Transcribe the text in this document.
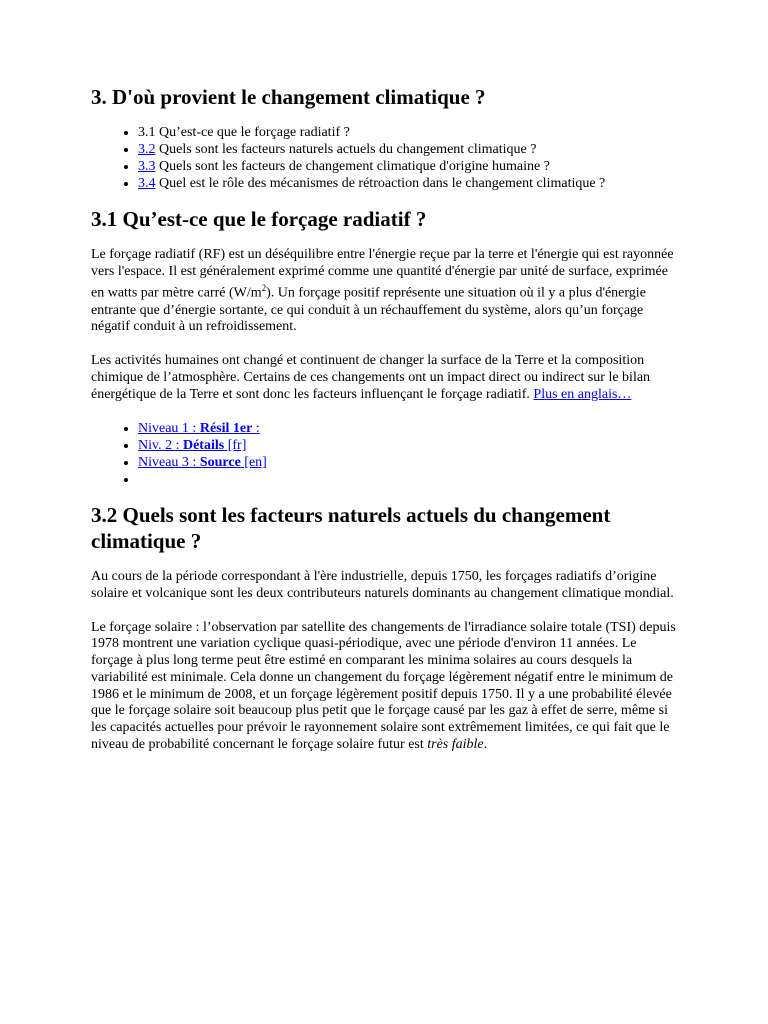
3. D'où provient le changement climatique ?
• 3.1 Qu’est-ce que le forçage radiatif ?
• 3.2 Quels sont les facteurs naturels actuels du changement climatique ?
• 3.3 Quels sont les facteurs de changement climatique d'origine humaine ?
• 3.4 Quel est le rôle des mécanismes de rétroaction dans le changement climatique ?
3.1 Qu’est-ce que le forçage radiatif ?

Le forçage radiatif (RF) est un déséquilibre entre l'énergie reçue par la terre et l'énergie qui est rayonnée vers l'espace. Il est généralement exprimé comme une quantité d'énergie par unité de surface, exprimée en watts par mètre carré $(W/m^2)$. Un forçage positif représente une situation où il y a plus d'énergie entrante que d’énergie sortante, ce qui conduit à un réchauffement du système, alors qu’un forçage négatif conduit à un refroidissement.

Les activités humaines ont changé et continuent de changer la surface de la Terre et la composition chimique de l’atmosphère. Certains de ces changements ont un impact direct ou indirect sur le bilan énergétique de la Terre et sont donc les facteurs influençant le forçage radiatif. Plus en anglais…

• Niveau 1 : Résil 1er :
• Niv. 2 : Détails [fr]
• Niveau 3 : Source [en]
•
3.2 Quels sont les facteurs naturels actuels du changement climatique ?

Au cours de la période correspondant à l'ère industrielle, depuis 1750, les forçages radiatifs d’origine solaire et volcanique sont les deux contributeurs naturels dominants au changement climatique mondial.

Le forçage solaire : l’observation par satellite des changements de l'irradiance solaire totale (TSI) depuis 1978 montrent une variation cyclique quasi-périodique, avec une période d'environ 11 années. Le forçage à plus long terme peut être estimé en comparant les minima solaires au cours desquels la variabilité est minimale. Cela donne un changement du forçage légèrement négatif entre le minimum de 1986 et le minimum de 2008, et un forçage légèrement positif depuis 1750. Il y a une probabilité élevée que le forçage solaire soit beaucoup plus petit que le forçage causé par les gaz à effet de serre, même si les capacités actuelles pour prévoir le rayonnement solaire sont extrêmement limitées, ce qui fait que le niveau de probabilité concernant le forçage solaire futur est très faible.
